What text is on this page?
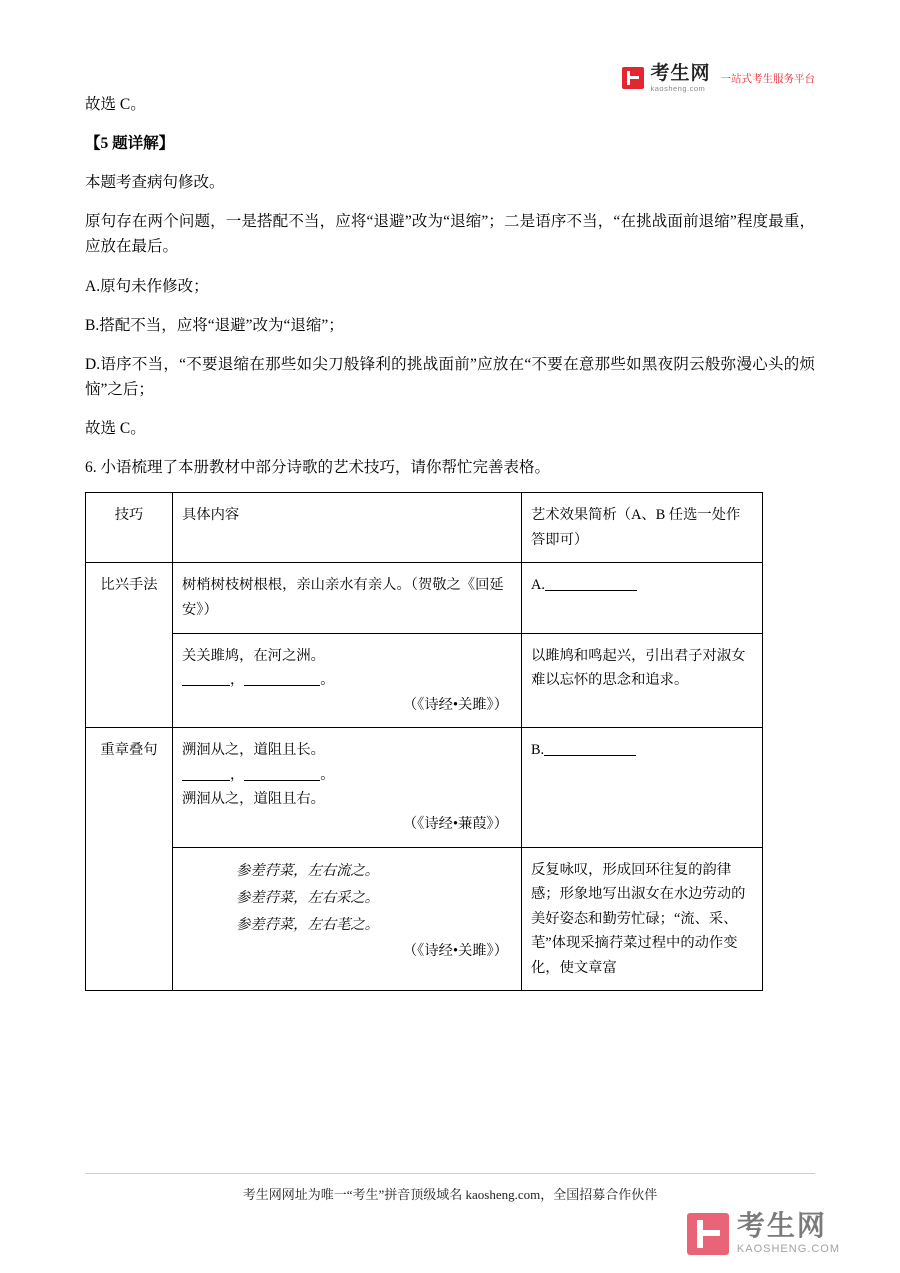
考生网
kaosheng.com
一站式考生服务平台

故选 C。

【5 题详解】

本题考查病句修改。

原句存在两个问题，一是搭配不当，应将“退避”改为“退缩”；二是语序不当，“在挑战面前退缩”程度最重，应放在最后。

A.原句未作修改；

B.搭配不当，应将“退避”改为“退缩”；

D.语序不当，“不要退缩在那些如尖刀般锋利的挑战面前”应放在“不要在意那些如黑夜阴云般弥漫心头的烦恼”之后；

故选 C。

6. 小语梳理了本册教材中部分诗歌的艺术技巧，请你帮忙完善表格。

技巧	具体内容	艺术效果简析（A、B 任选一处作答即可）
比兴手法	树梢树枝树根根，亲山亲水有亲人。（贺敬之《回延安》）	A.

	关关雎鸠，在河之洲。
， 。
（《诗经•关雎》）	以雎鸠和鸣起兴，引出君子对淑女难以忘怀的思念和追求。

重章叠句	溯洄从之，道阻且长。
， 。
溯洄从之，道阻且右。
（《诗经•蒹葭》）	B.

	参差荇菜，左右流之。
参差荇菜，左右采之。
参差荇菜，左右芼之。
（《诗经•关雎》）	反复咏叹，形成回环往复的韵律感；形象地写出淑女在水边劳动的美好姿态和勤劳忙碌；“流、采、芼”体现采摘荇菜过程中的动作变化，使文章富
考生网网址为唯一“考生”拼音顶级域名 kaosheng.com，全国招募合作伙伴
考生网
KAOSHENG.COM
